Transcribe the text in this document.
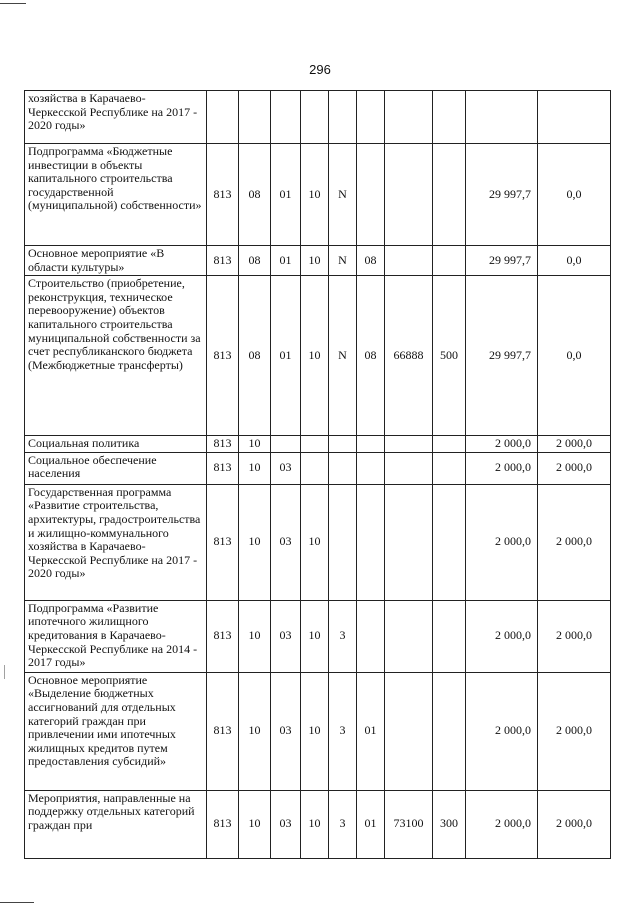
296
хозяйства в Карачаево-Черкесской Республике на 2017 - 2020 годы»										
Подпрограмма «Бюджетные инвестиции в объекты капитального строительства государственной (муниципальной) собственности»	813	08	01	10	N				29 997,7	0,0
Основное мероприятие «В области культуры»	813	08	01	10	N	08			29 997,7	0,0
Строительство (приобретение, реконструкция, техническое перевооружение) объектов капитального строительства муниципальной собственности за счет республиканского бюджета (Межбюджетные трансферты)	813	08	01	10	N	08	66888	500	29 997,7	0,0
Социальная политика	813	10							2 000,0	2 000,0
Социальное обеспечение населения	813	10	03						2 000,0	2 000,0
Государственная программа «Развитие строительства, архитектуры, градостроительства и жилищно-коммунального хозяйства в Карачаево-Черкесской Республике на 2017 - 2020 годы»	813	10	03	10					2 000,0	2 000,0
Подпрограмма «Развитие ипотечного жилищного кредитования в Карачаево-Черкесской Республике на 2014 - 2017 годы»	813	10	03	10	3				2 000,0	2 000,0
Основное мероприятие «Выделение бюджетных ассигнований для отдельных категорий граждан при привлечении ими ипотечных жилищных кредитов путем предоставления субсидий»	813	10	03	10	3	01			2 000,0	2 000,0
Мероприятия, направленные на поддержку отдельных категорий граждан при	813	10	03	10	3	01	73100	300	2 000,0	2 000,0
